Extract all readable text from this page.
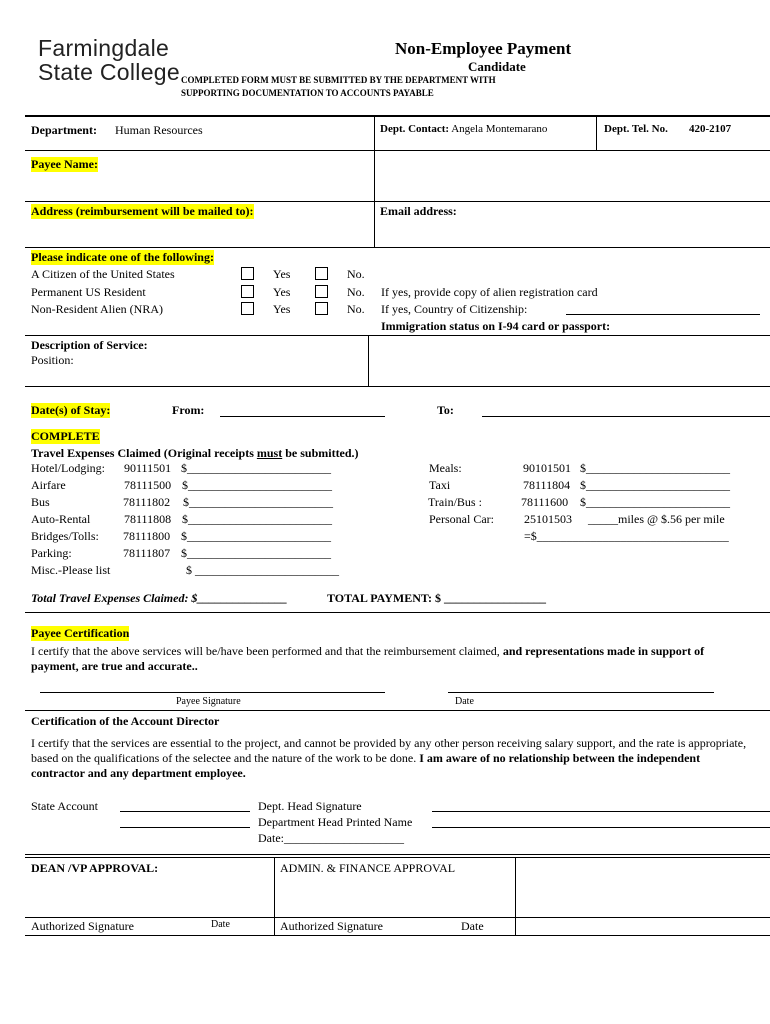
Farmingdale
State College
Non-Employee Payment
Candidate
COMPLETED FORM MUST BE SUBMITTED BY THE DEPARTMENT WITH
SUPPORTING DOCUMENTATION TO ACCOUNTS PAYABLE
Department: Human Resources	Dept. Contact: Angela Montemarano	Dept. Tel. No. 420-2107
Payee Name:
Address (reimbursement will be mailed to):	Email address:
Please indicate one of the following:
A Citizen of the United States	Yes	No.
Permanent US Resident	Yes	No. If yes, provide copy of alien registration card
Non-Resident Alien (NRA)	Yes	No. If yes, Country of Citizenship:
Immigration status on I-94 card or passport:
Description of Service:
Position:
Date(s) of Stay:	From:	To:
COMPLETE
Travel Expenses Claimed (Original receipts must be submitted.)
Hotel/Lodging: 90111501 $________________________
Airfare	78111500 $________________________
Bus	78111802 $________________________
Auto-Rental	78111808 $________________________
Bridges/Tolls: 78111800 $________________________
Parking:	78111807 $________________________
Misc.-Please list	$ ________________________
Meals:	90101501 $________________________
Taxi	78111804 $________________________
Train/Bus :	78111600 $________________________
Personal Car:	25101503 _____miles @ $.56 per mile
=$________________________________
Total Travel Expenses Claimed: $_______________	TOTAL PAYMENT: $ _________________
Payee Certification
I certify that the above services will be/have been performed and that the reimbursement claimed, and representations made in support of payment, are true and accurate..
Payee Signature	Date
Certification of the Account Director
I certify that the services are essential to the project, and cannot be provided by any other person receiving salary support, and the rate is appropriate, based on the qualifications of the selectee and the nature of the work to be done. I am aware of no relationship between the independent contractor and any department employee.
State Account	Dept. Head Signature
Department Head Printed Name
Date:____________________
DEAN /VP APPROVAL:	ADMIN. & FINANCE APPROVAL
Authorized Signature	Date	Authorized Signature	Date
